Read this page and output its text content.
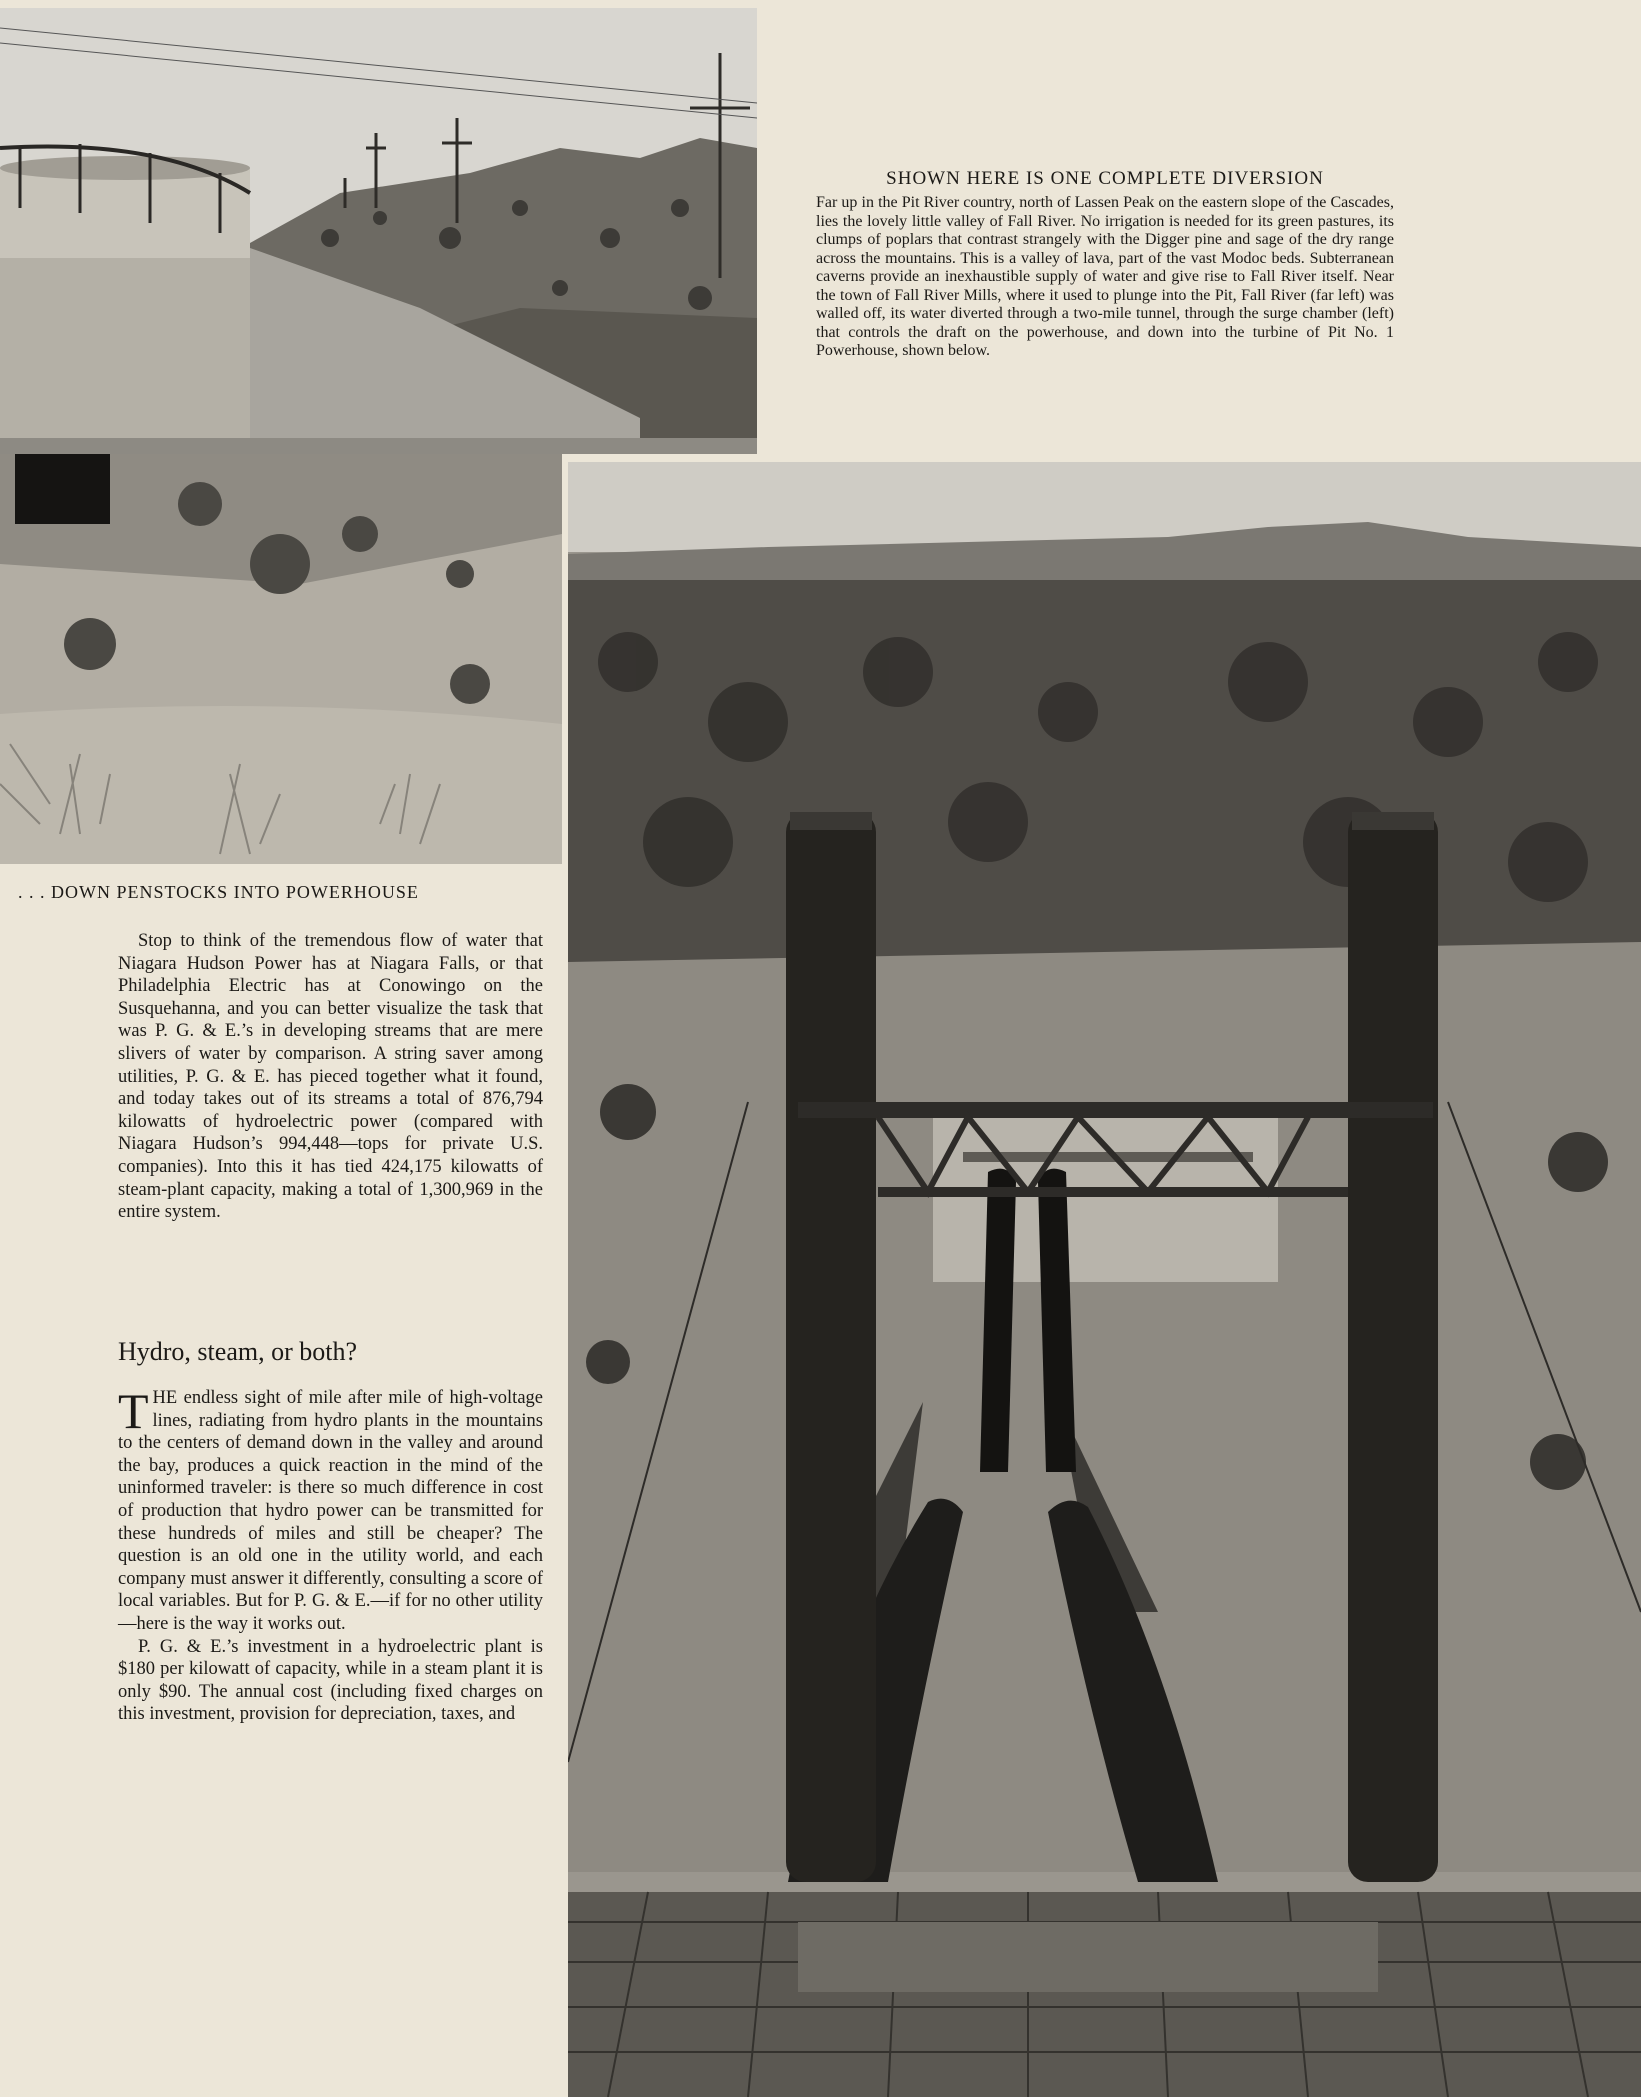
SHOWN HERE IS ONE COMPLETE DIVERSION

Far up in the Pit River country, north of Lassen Peak on the eastern slope of the Cascades, lies the lovely little valley of Fall River. No irrigation is needed for its green pastures, its clumps of poplars that contrast strangely with the Digger pine and sage of the dry range across the mountains. This is a valley of lava, part of the vast Modoc beds. Subterranean caverns provide an inexhaustible supply of water and give rise to Fall River itself. Near the town of Fall River Mills, where it used to plunge into the Pit, Fall River (far left) was walled off, its water diverted through a two-mile tunnel, through the surge chamber (left) that controls the draft on the powerhouse, and down into the turbine of Pit No. 1 Powerhouse, shown below.

. . . DOWN PENSTOCKS INTO POWERHOUSE

Stop to think of the tremendous flow of water that Niagara Hudson Power has at Niagara Falls, or that Philadelphia Electric has at Conowingo on the Susquehanna, and you can better visualize the task that was P. G. & E.’s in developing streams that are mere slivers of water by comparison. A string saver among utilities, P. G. & E. has pieced together what it found, and today takes out of its streams a total of 876,794 kilowatts of hydroelectric power (compared with Niagara Hudson’s 994,448—tops for private U.S. companies). Into this it has tied 424,175 kilowatts of steam-plant capacity, making a total of 1,300,969 in the entire system.

Hydro, steam, or both?
THE endless sight of mile after mile of high-voltage lines, radiating from hydro plants in the mountains to the centers of demand down in the valley and around the bay, produces a quick reaction in the mind of the uninformed traveler: is there so much difference in cost of production that hydro power can be transmitted for these hundreds of miles and still be cheaper? The question is an old one in the utility world, and each company must answer it differently, consulting a score of local variables. But for P. G. & E.—if for no other utility—here is the way it works out.

P. G. & E.’s investment in a hydroelectric plant is $180 per kilowatt of capacity, while in a steam plant it is only $90. The annual cost (including fixed charges on this investment, provision for depreciation, taxes, and
